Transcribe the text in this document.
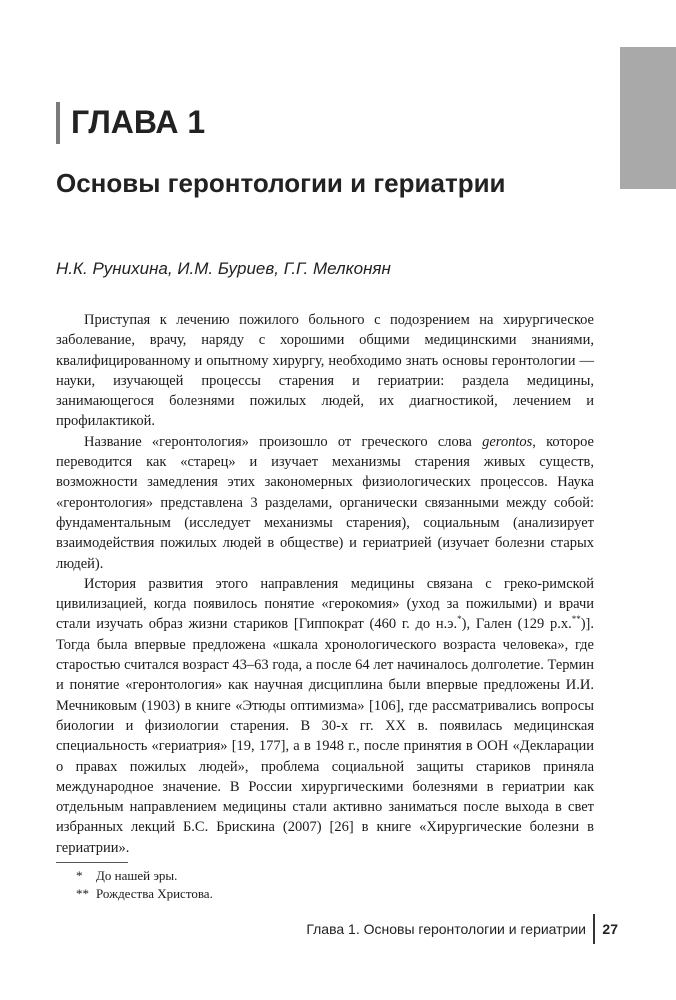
ГЛАВА 1
Основы геронтологии и гериатрии
Н.К. Рунихина, И.М. Буриев, Г.Г. Мелконян

Приступая к лечению пожилого больного с подозрением на хирургическое заболевание, врачу, наряду с хорошими общими медицинскими знаниями, квалифицированному и опытному хирургу, необходимо знать основы геронтологии — науки, изучающей процессы старения и гериатрии: раздела медицины, занимающегося болезнями пожилых людей, их диагностикой, лечением и профилактикой.

Название «геронтология» произошло от греческого слова gerontos, которое переводится как «старец» и изучает механизмы старения живых существ, возможности замедления этих закономерных физиологических процессов. Наука «геронтология» представлена 3 разделами, органически связанными между собой: фундаментальным (исследует механизмы старения), социальным (анализирует взаимодействия пожилых людей в обществе) и гериатрией (изучает болезни старых людей).

История развития этого направления медицины связана с греко-римской цивилизацией, когда появилось понятие «герокомия» (уход за пожилыми) и врачи стали изучать образ жизни стариков [Гиппократ (460 г. до н.э.*), Гален (129 р.х.**)]. Тогда была впервые предложена «шкала хронологического возраста человека», где старостью считался возраст 43–63 года, а после 64 лет начиналось долголетие. Термин и понятие «геронтология» как научная дисциплина были впервые предложены И.И. Мечниковым (1903) в книге «Этюды оптимизма» [106], где рассматривались вопросы биологии и физиологии старения. В 30-х гг. XX в. появилась медицинская специальность «гериатрия» [19, 177], а в 1948 г., после принятия в ООН «Декларации о правах пожилых людей», проблема социальной защиты стариков приняла международное значение. В России хирургическими болезнями в гериатрии как отдельным направлением медицины стали активно заниматься после выхода в свет избранных лекций Б.С. Брискина (2007) [26] в книге «Хирургические болезни в гериатрии».

* До нашей эры.
** Рождества Христова.
Глава 1. Основы геронтологии и гериатрии 27
